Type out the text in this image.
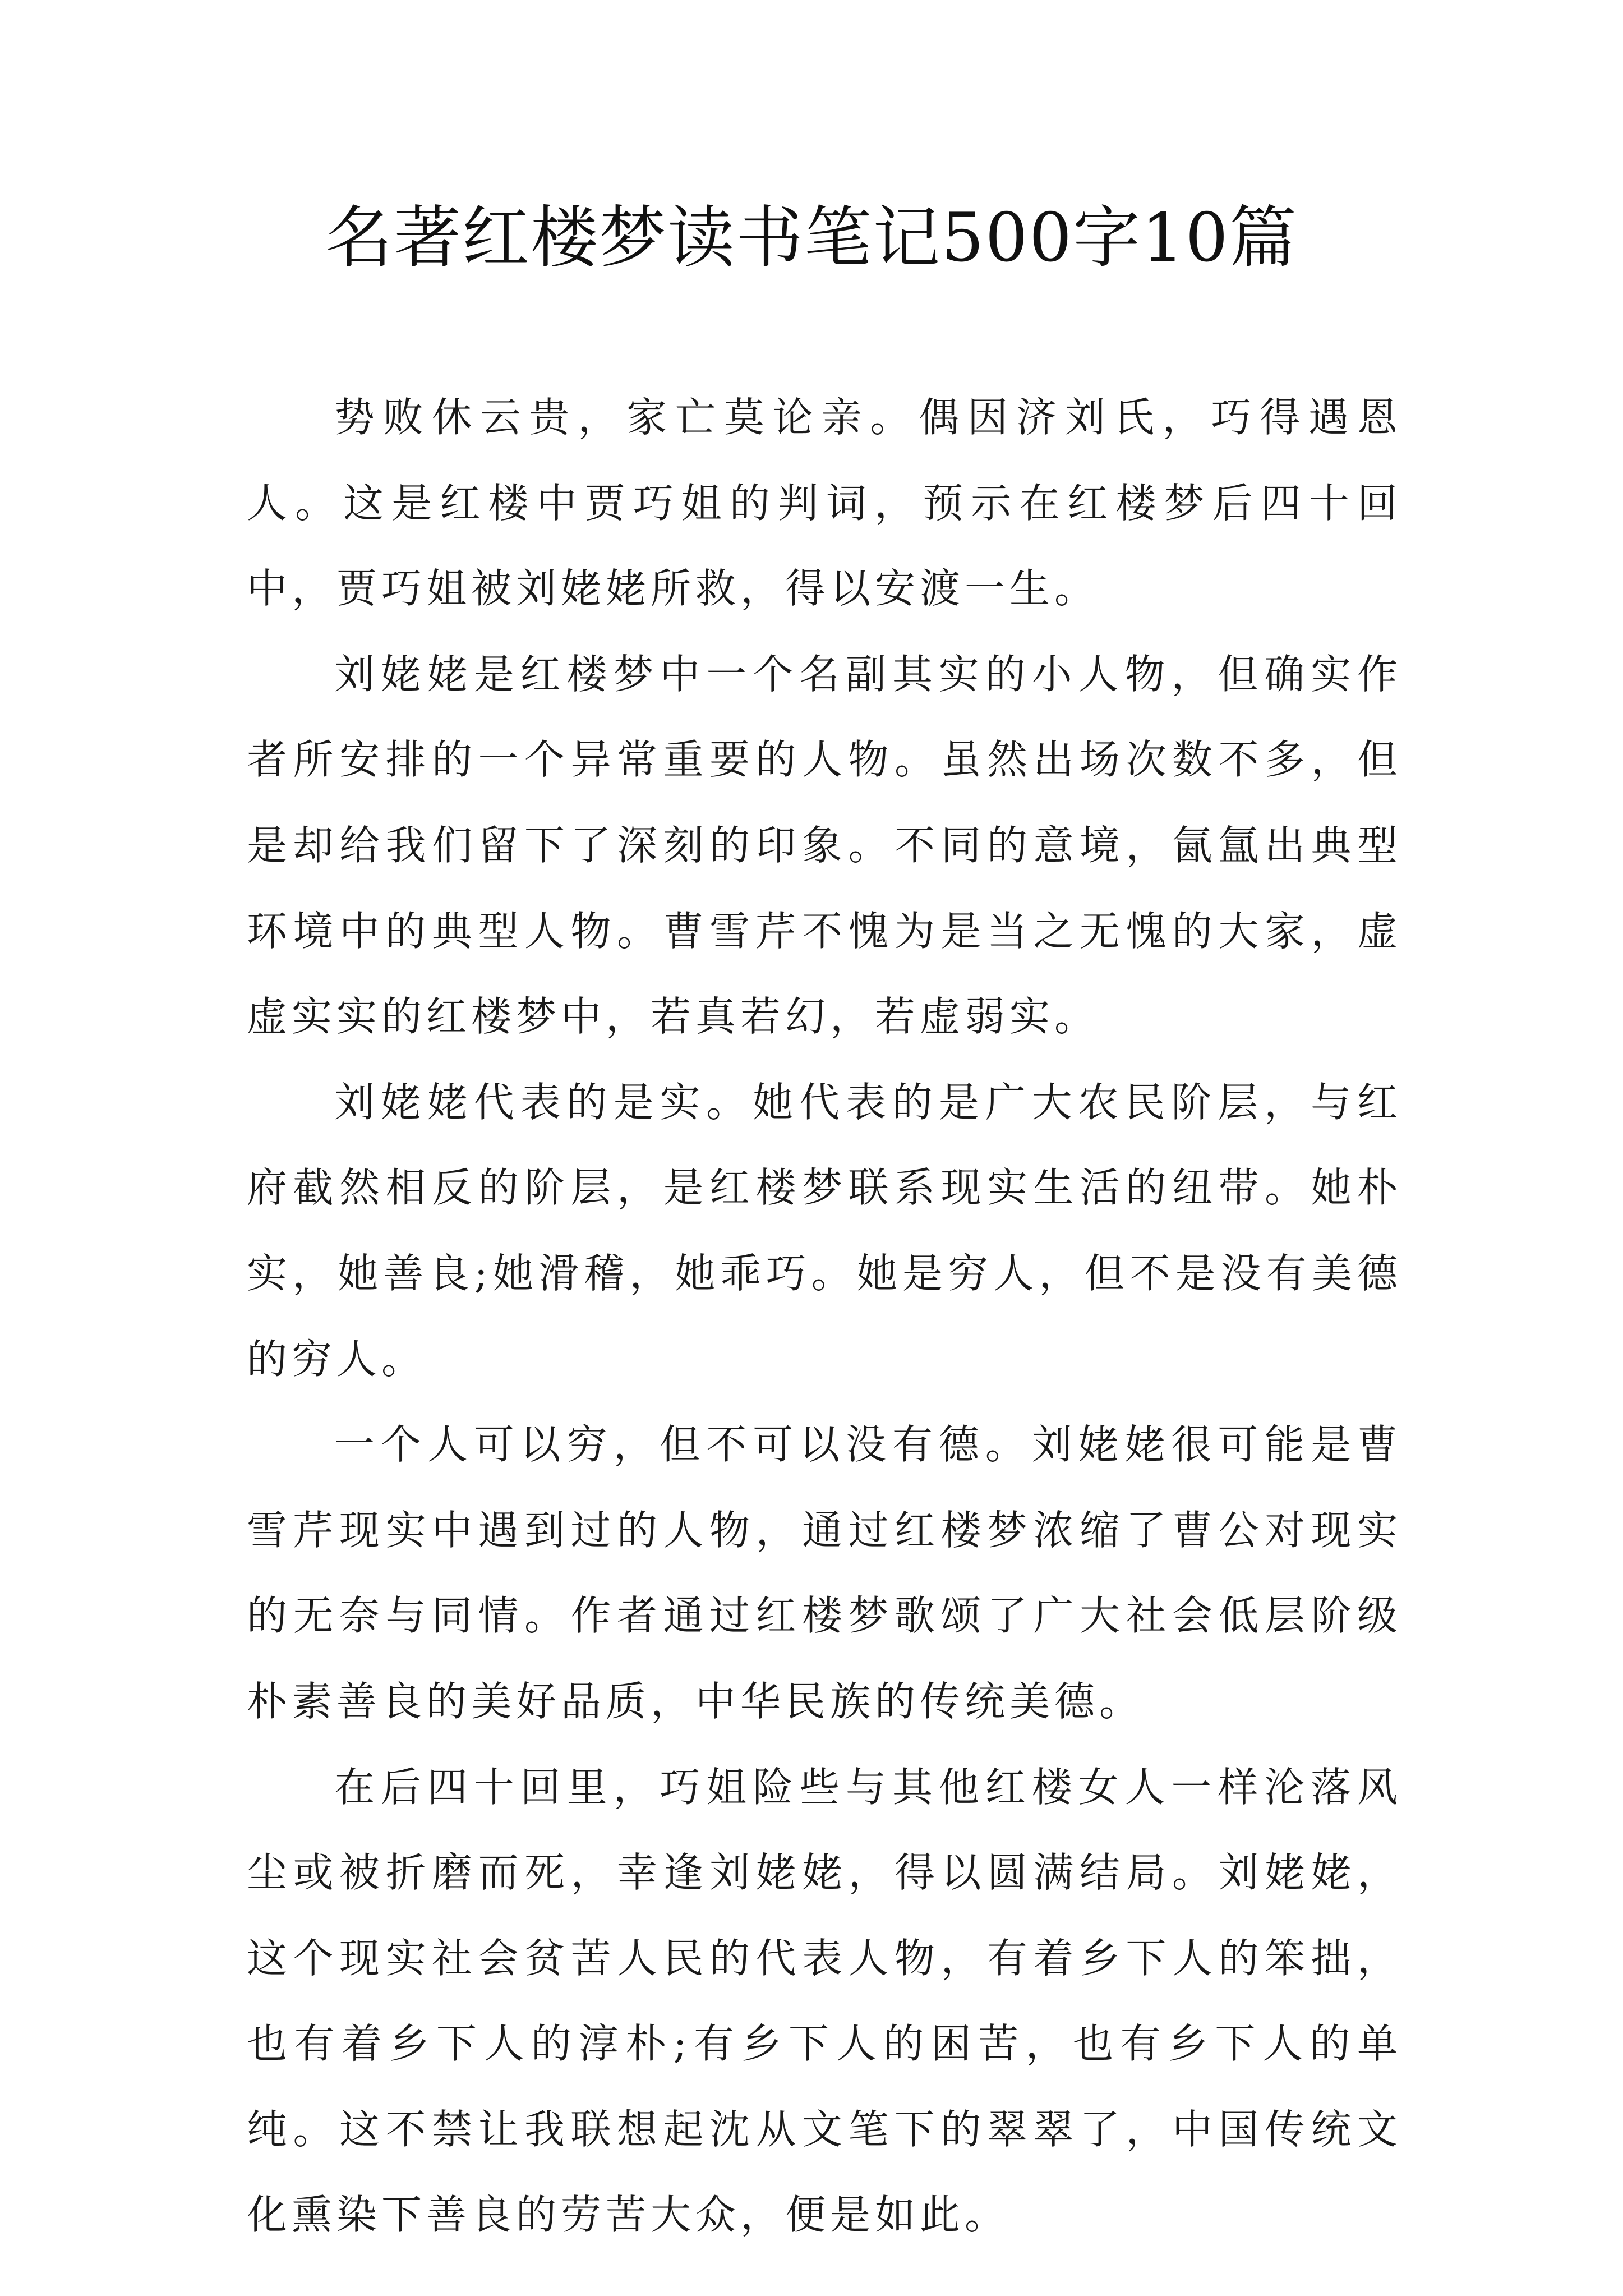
名著红楼梦读书笔记500字10篇

势败休云贵，家亡莫论亲。偶因济刘氏，巧得遇恩人。这是红楼中贾巧姐的判词，预示在红楼梦后四十回中，贾巧姐被刘姥姥所救，得以安渡一生。

刘姥姥是红楼梦中一个名副其实的小人物，但确实作者所安排的一个异常重要的人物。虽然出场次数不多，但是却给我们留下了深刻的印象。不同的意境，氤氲出典型环境中的典型人物。曹雪芹不愧为是当之无愧的大家，虚虚实实的红楼梦中，若真若幻，若虚弱实。

刘姥姥代表的是实。她代表的是广大农民阶层，与红府截然相反的阶层，是红楼梦联系现实生活的纽带。她朴实，她善良;她滑稽，她乖巧。她是穷人，但不是没有美德的穷人。

一个人可以穷，但不可以没有德。刘姥姥很可能是曹雪芹现实中遇到过的人物，通过红楼梦浓缩了曹公对现实的无奈与同情。作者通过红楼梦歌颂了广大社会低层阶级朴素善良的美好品质，中华民族的传统美德。

在后四十回里，巧姐险些与其他红楼女人一样沦落风尘或被折磨而死，幸逢刘姥姥，得以圆满结局。刘姥姥，这个现实社会贫苦人民的代表人物，有着乡下人的笨拙，也有着乡下人的淳朴;有乡下人的困苦，也有乡下人的单纯。这不禁让我联想起沈从文笔下的翠翠了，中国传统文化熏染下善良的劳苦大众，便是如此。
